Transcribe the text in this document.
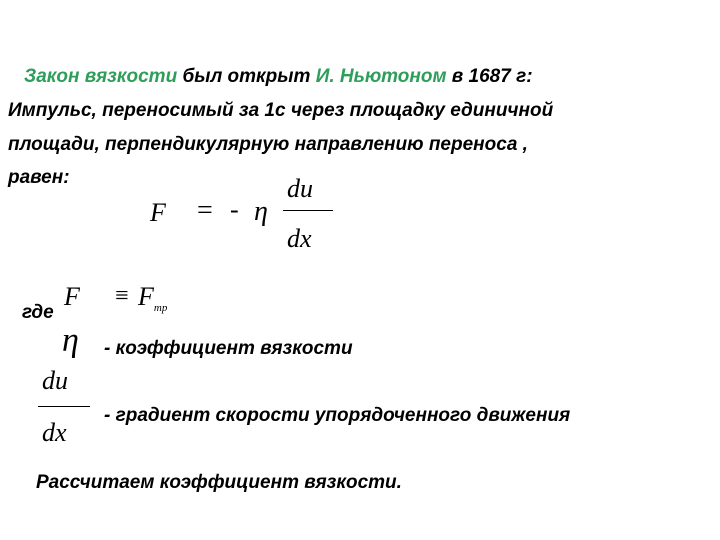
Закон вязкости был открыт И. Ньютоном в 1687 г:
Импульс, переносимый за 1с через площадку единичной
площади, перпендикулярную направлению переноса ,
равен:
F = - η
du
dx
где
$F \equiv F_{тр}$
η - коэффициент вязкости
du
dx
- градиент скорости упорядоченного движения
Рассчитаем коэффициент вязкости.
